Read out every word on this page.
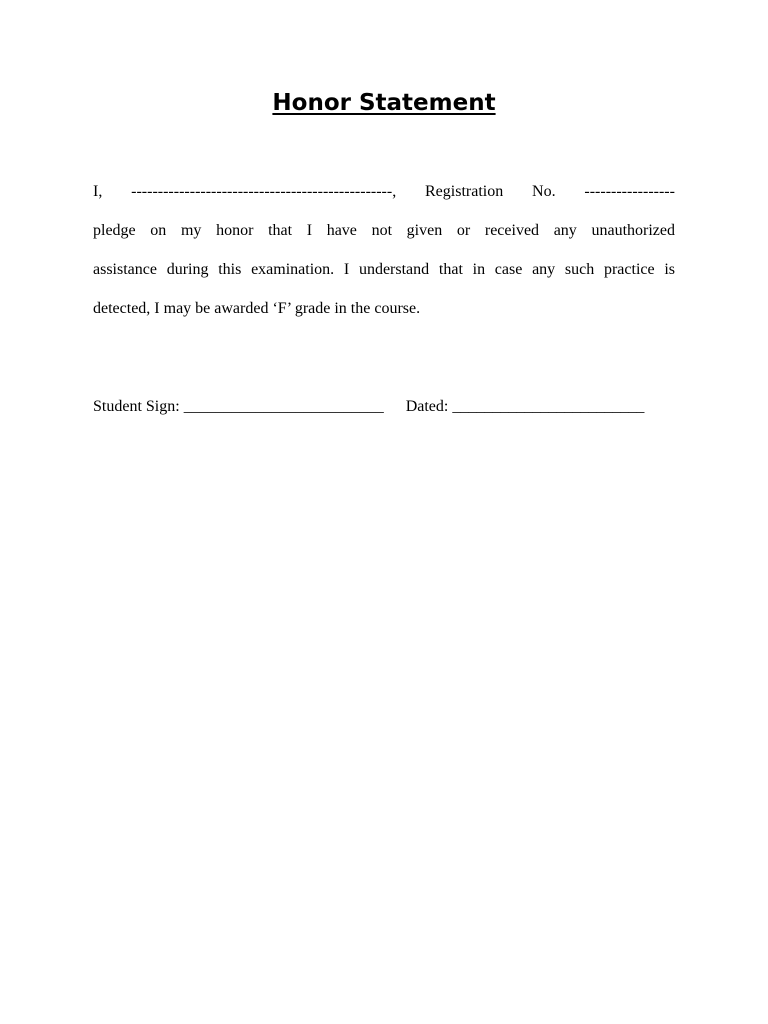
Honor Statement
I, -------------------------------------------------, Registration No. -----------------
pledge on my honor that I have not given or received any unauthorized
assistance during this examination. I understand that in case any such practice is
detected, I may be awarded ‘F’ grade in the course.
Student Sign: _________________________ Dated: ________________________
